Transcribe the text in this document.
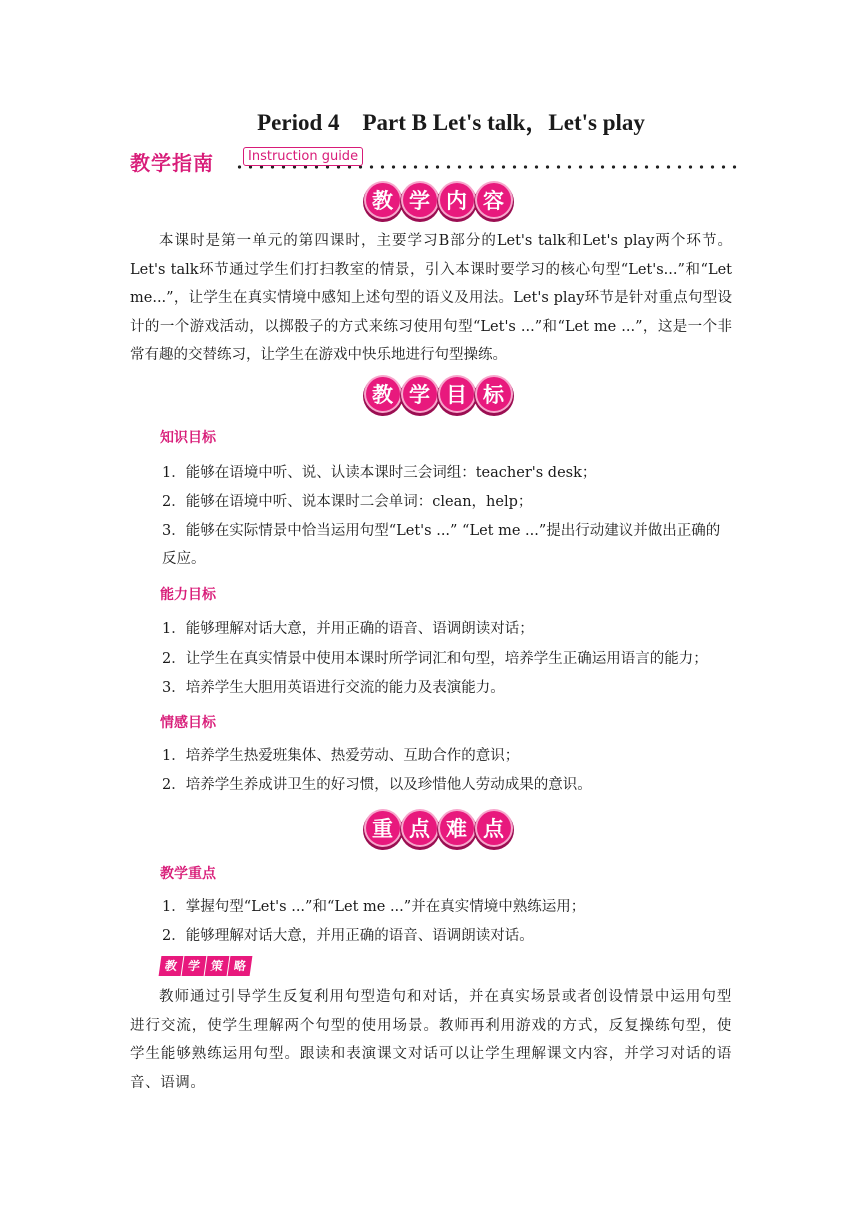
Period 4　Part B Let's talk，Let's play
教学指南	Instruction guide
教 学 内 容
本课时是第一单元的第四课时，主要学习B部分的Let's talk和Let's play两个环节。Let's talk环节通过学生们打扫教室的情景，引入本课时要学习的核心句型“Let's...”和“Let me...”，让学生在真实情境中感知上述句型的语义及用法。Let's play环节是针对重点句型设计的一个游戏活动，以掷骰子的方式来练习使用句型“Let's ...”和“Let me ...”，这是一个非常有趣的交替练习，让学生在游戏中快乐地进行句型操练。
教 学 目 标
知识目标
1．能够在语境中听、说、认读本课时三会词组：teacher's desk；
2．能够在语境中听、说本课时二会单词：clean，help；
3．能够在实际情景中恰当运用句型“Let's ...” “Let me ...”提出行动建议并做出正确的反应。
能力目标
1．能够理解对话大意，并用正确的语音、语调朗读对话；
2．让学生在真实情景中使用本课时所学词汇和句型，培养学生正确运用语言的能力；
3．培养学生大胆用英语进行交流的能力及表演能力。
情感目标
1．培养学生热爱班集体、热爱劳动、互助合作的意识；
2．培养学生养成讲卫生的好习惯，以及珍惜他人劳动成果的意识。
重 点 难 点
教学重点
1．掌握句型“Let's ...”和“Let me ...”并在真实情境中熟练运用；
2．能够理解对话大意，并用正确的语音、语调朗读对话。
教 学 策 略
教师通过引导学生反复利用句型造句和对话，并在真实场景或者创设情景中运用句型进行交流，使学生理解两个句型的使用场景。教师再利用游戏的方式，反复操练句型，使学生能够熟练运用句型。跟读和表演课文对话可以让学生理解课文内容，并学习对话的语音、语调。
